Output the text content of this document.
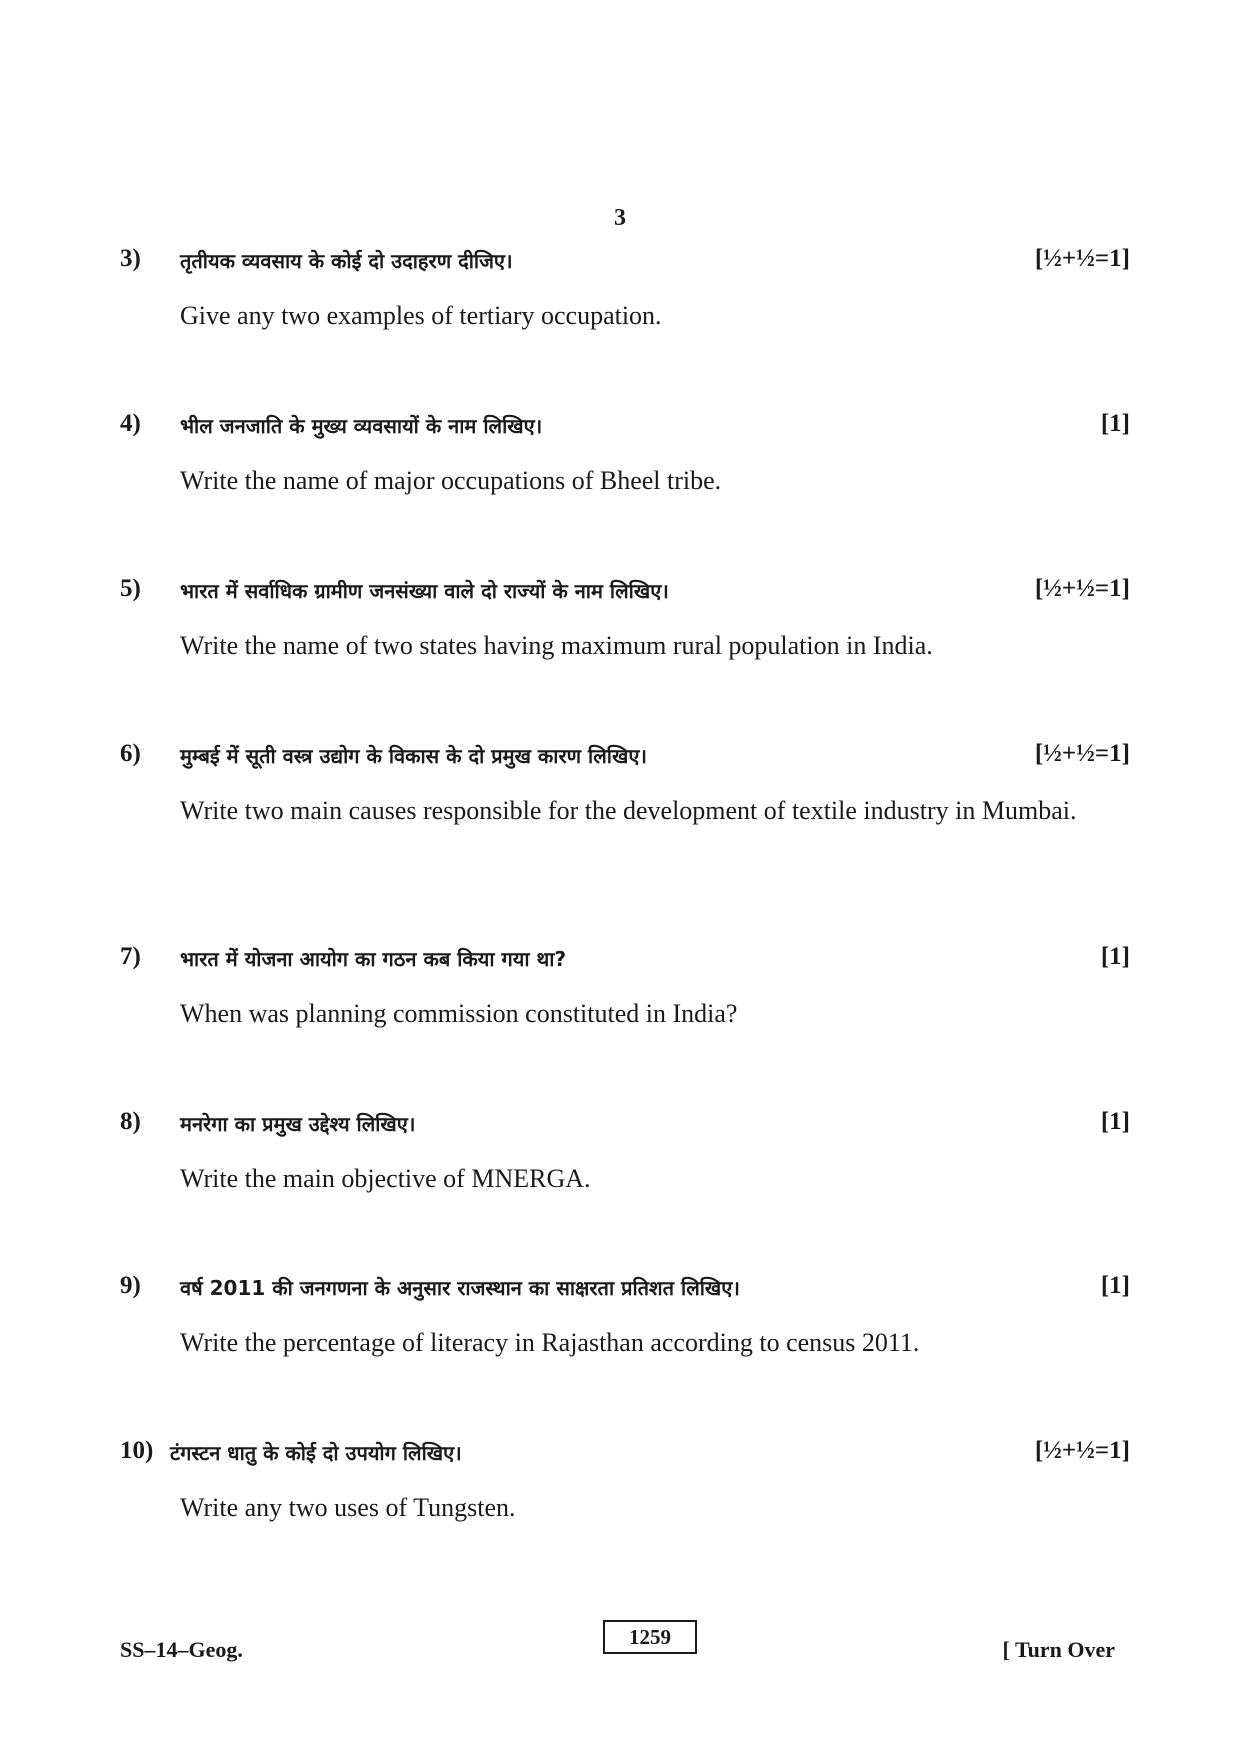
3
3) तृतीयक व्यवसाय के कोई दो उदाहरण दीजिए।	[½+½=1]
Give any two examples of tertiary occupation.
4) भील जनजाति के मुख्य व्यवसायों के नाम लिखिए।	[1]
Write the name of major occupations of Bheel tribe.
5) भारत में सर्वाधिक ग्रामीण जनसंख्या वाले दो राज्यों के नाम लिखिए।	[½+½=1]
Write the name of two states having maximum rural population in India.
6) मुम्बई में सूती वस्त्र उद्योग के विकास के दो प्रमुख कारण लिखिए।	[½+½=1]
Write two main causes responsible for the development of textile industry in Mumbai.
7) भारत में योजना आयोग का गठन कब किया गया था?	[1]
When was planning commission constituted in India?
8) मनरेगा का प्रमुख उद्देश्य लिखिए।	[1]
Write the main objective of MNERGA.
9) वर्ष 2011 की जनगणना के अनुसार राजस्थान का साक्षरता प्रतिशत लिखिए।	[1]
Write the percentage of literacy in Rajasthan according to census 2011.
10) टंगस्टन धातु के कोई दो उपयोग लिखिए।	[½+½=1]
Write any two uses of Tungsten.
SS–14–Geog.	1259	[ Turn Over
